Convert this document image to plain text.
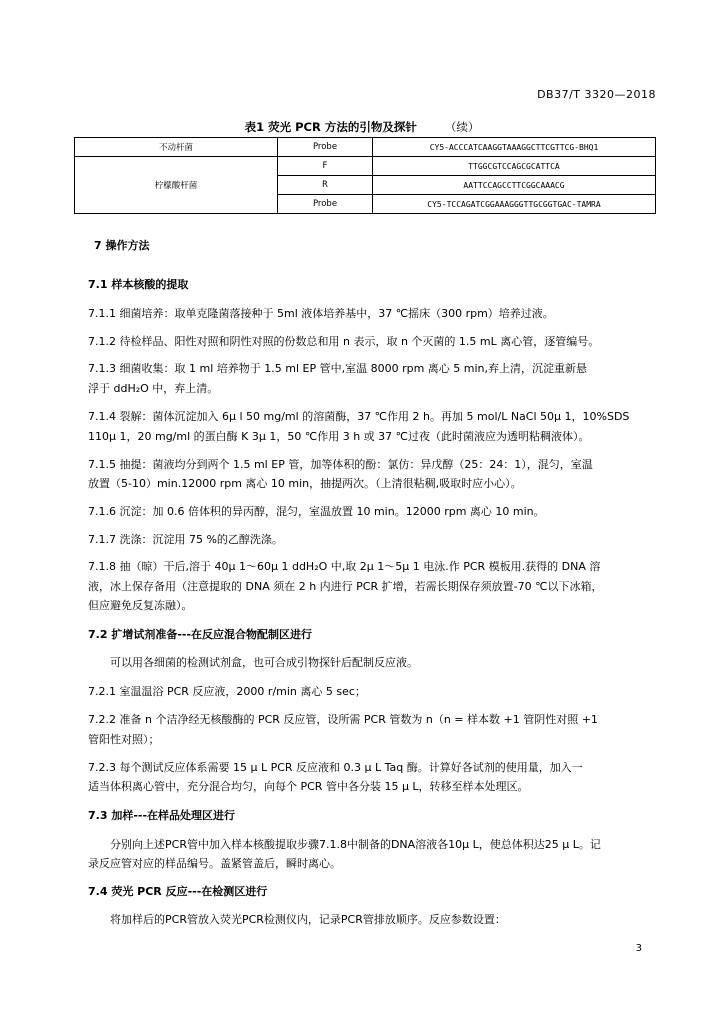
DB37/T 3320—2018
表1 荧光 PCR 方法的引物及探针 （续）
不动杆菌	Probe	CY5-ACCCATCAAGGTAAAGGCTTCGTTCG-BHQ1
柠檬酸杆菌	F	TTGGCGTCCAGCGCATTCA
	R	AATTCCAGCCTTCGGCAAACG
	Probe	CY5-TCCAGATCGGAAAGGGTTGCGGTGAC-TAMRA
7 操作方法
7.1 样本核酸的提取
7.1.1 细菌培养：取单克隆菌落接种于 5ml 液体培养基中，37 ℃摇床（300 rpm）培养过液。
7.1.2 待检样品、阳性对照和阴性对照的份数总和用 n 表示，取 n 个灭菌的 1.5 mL 离心管，逐管编号。
7.1.3 细菌收集：取 1 ml 培养物于 1.5 ml EP 管中,室温 8000 rpm 离心 5 min,弃上清，沉淀重新悬
浮于 ddH₂O 中，弃上清。
7.1.4 裂解：菌体沉淀加入 6μ l 50 mg/ml 的溶菌酶，37 ℃作用 2 h。再加 5 mol/L NaCl 50μ 1，10%SDS
110μ 1，20 mg/ml 的蛋白酶 K 3μ 1，50 ℃作用 3 h 或 37 ℃过夜（此时菌液应为透明粘稠液体）。
7.1.5 抽提：菌液均分到两个 1.5 ml EP 管，加等体积的酚：氯仿：异戊醇（25：24：1），混匀，室温
放置（5-10）min.12000 rpm 离心 10 min，抽提两次。（上清很粘稠,吸取时应小心）。
7.1.6 沉淀：加 0.6 倍体积的异丙醇，混匀，室温放置 10 min。12000 rpm 离心 10 min。
7.1.7 洗涤：沉淀用 75 %的乙醇洗涤。
7.1.8 抽（晾）干后,溶于 40μ 1～60μ 1 ddH₂O 中,取 2μ 1～5μ 1 电泳.作 PCR 模板用.获得的 DNA 溶
液，冰上保存备用（注意提取的 DNA 须在 2 h 内进行 PCR 扩增，若需长期保存须放置-70 ℃以下冰箱，
但应避免反复冻融）。
7.2 扩增试剂准备---在反应混合物配制区进行
可以用各细菌的检测试剂盒，也可合成引物探针后配制反应液。
7.2.1 室温温浴 PCR 反应液，2000 r/min 离心 5 sec；
7.2.2 准备 n 个洁净经无核酸酶的 PCR 反应管，设所需 PCR 管数为 n（n = 样本数 +1 管阴性对照 +1
管阳性对照）；
7.2.3 每个测试反应体系需要 15 μ L PCR 反应液和 0.3 μ L Taq 酶。计算好各试剂的使用量，加入一
适当体积离心管中，充分混合均匀，向每个 PCR 管中各分装 15 μ L，转移至样本处理区。
7.3 加样---在样品处理区进行
分别向上述PCR管中加入样本核酸提取步骤7.1.8中制备的DNA溶液各10μ L，使总体积达25 μ L。记
录反应管对应的样品编号。盖紧管盖后，瞬时离心。
7.4 荧光 PCR 反应---在检测区进行
将加样后的PCR管放入荧光PCR检测仪内，记录PCR管排放顺序。反应参数设置：
3
